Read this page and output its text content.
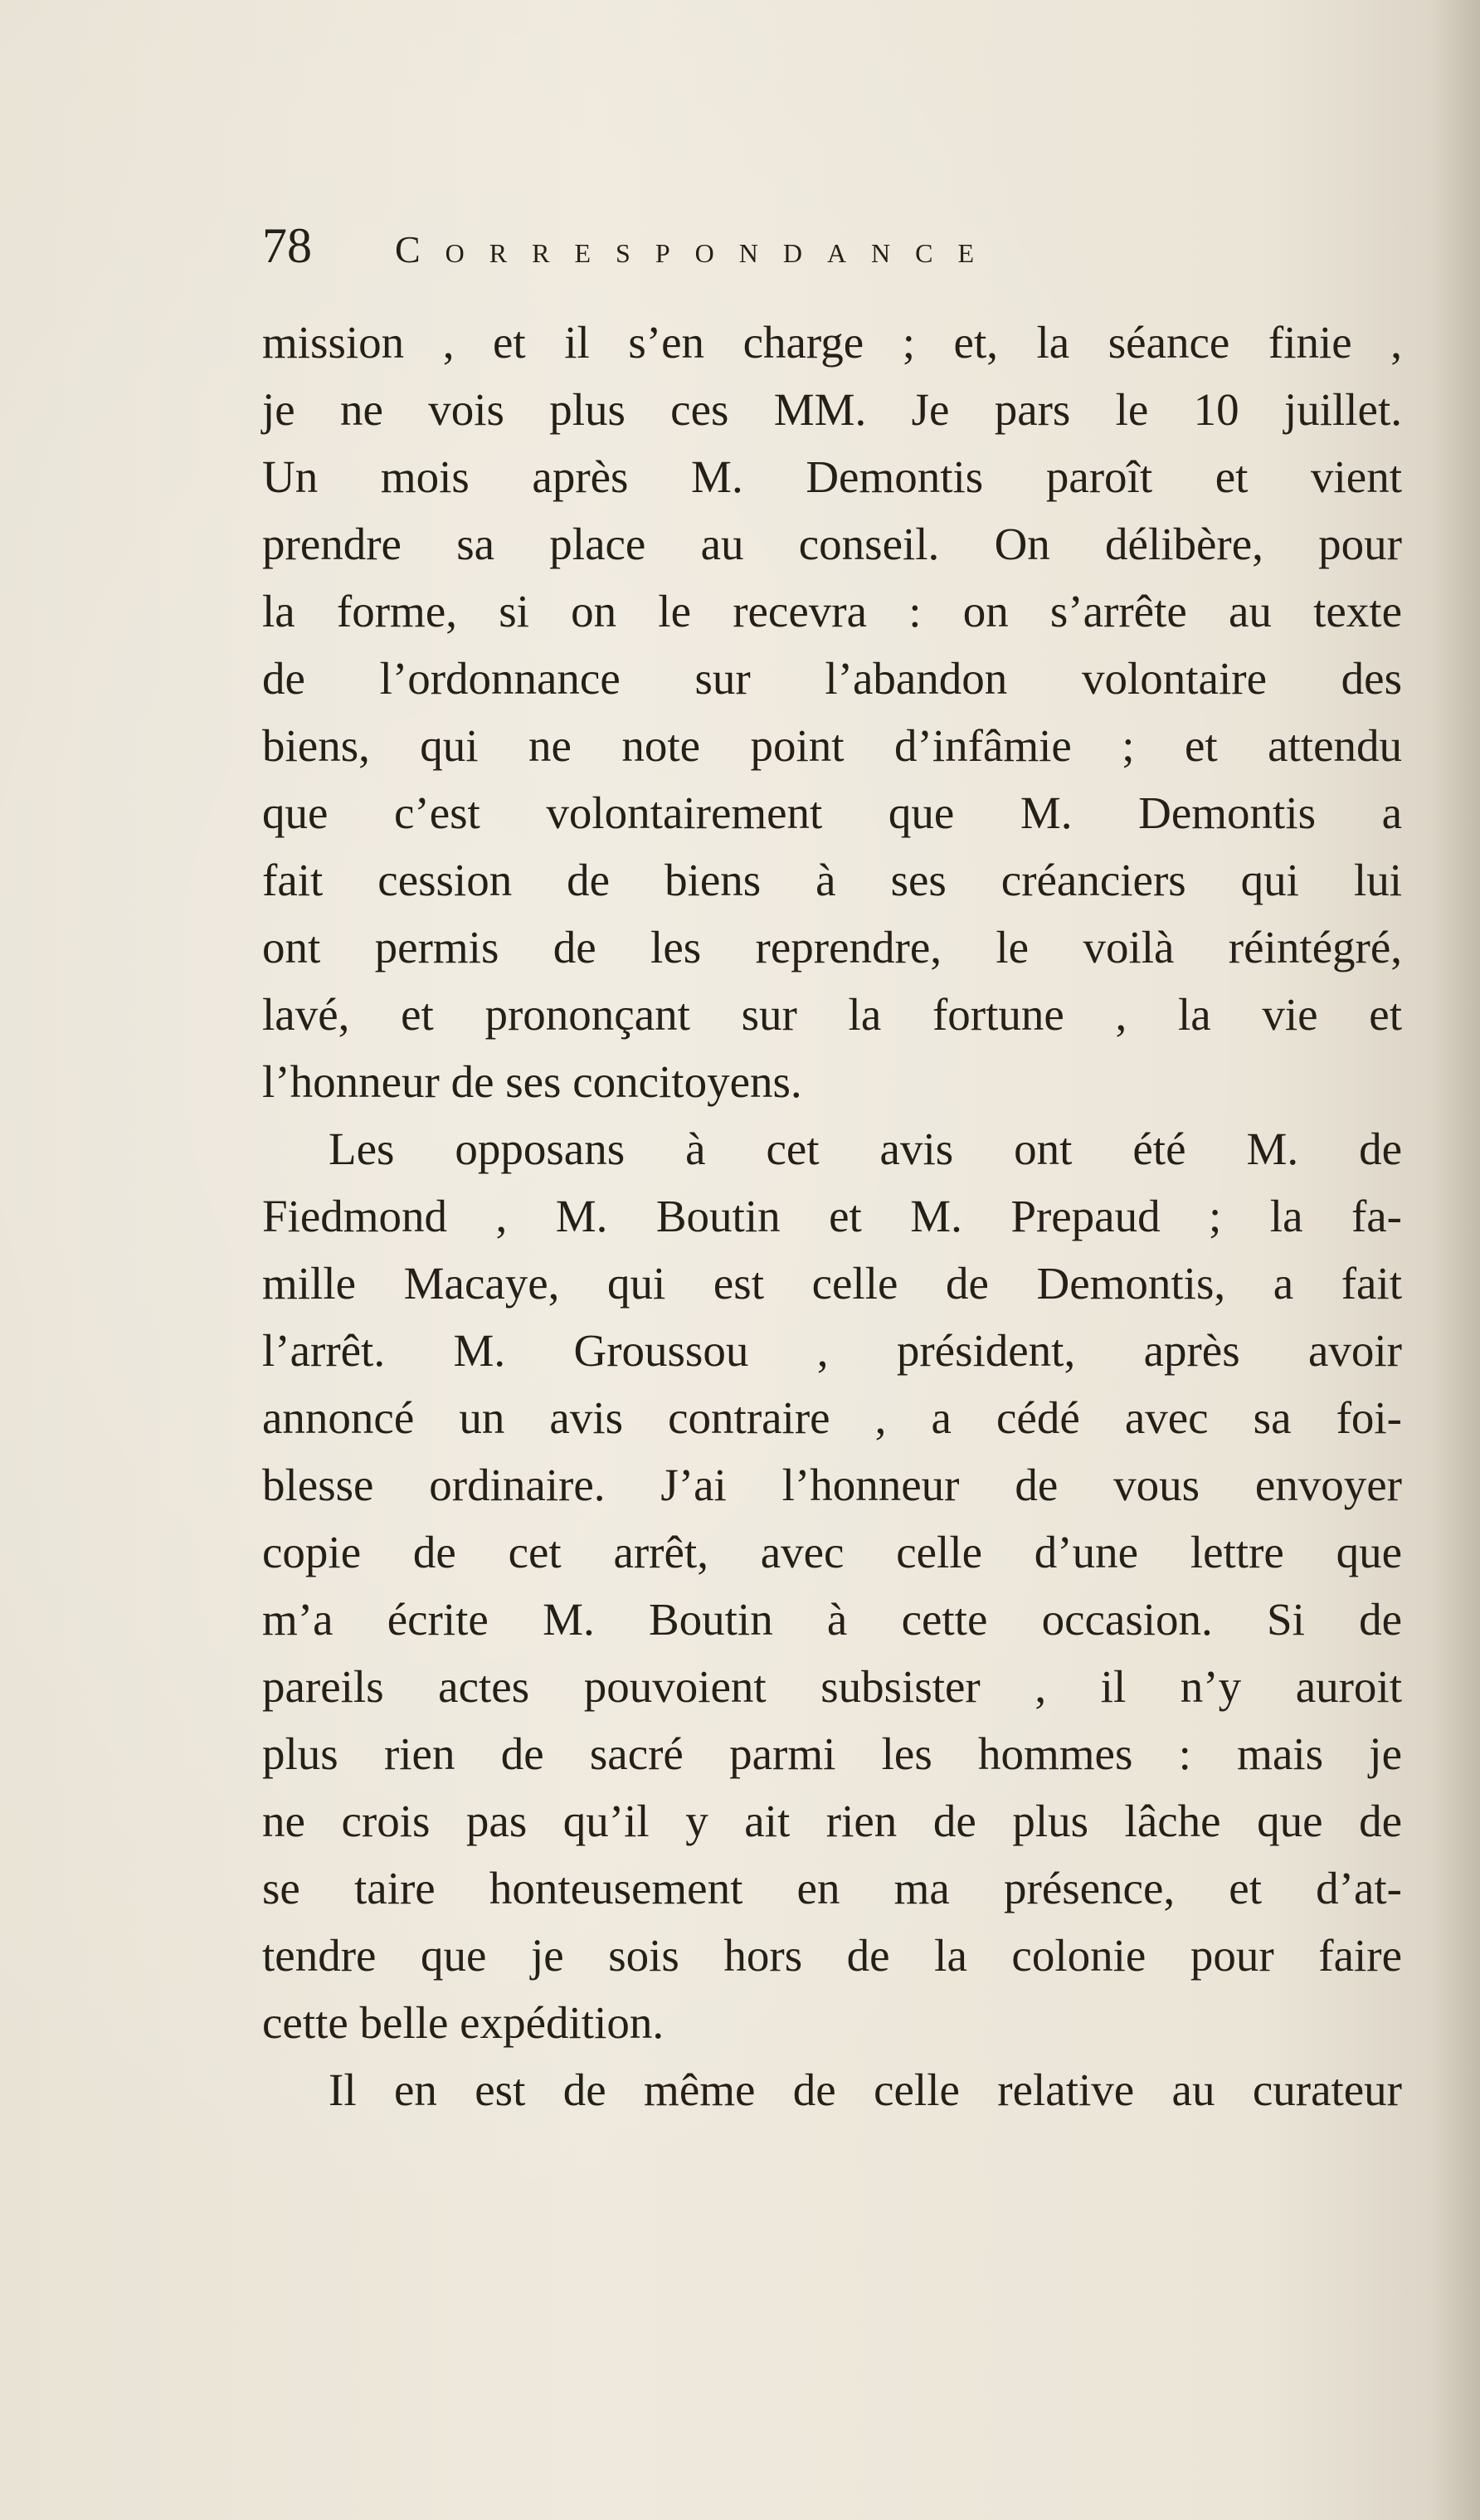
78	Correspondance
mission , et il s’en charge ; et, la séance finie ,
je ne vois plus ces MM. Je pars le 10 juillet.
Un mois après M. Demontis paroît et vient
prendre sa place au conseil. On délibère, pour
la forme, si on le recevra : on s’arrête au texte
de l’ordonnance sur l’abandon volontaire des
biens, qui ne note point d’infâmie ; et attendu
que c’est volontairement que M. Demontis a
fait cession de biens à ses créanciers qui lui
ont permis de les reprendre, le voilà réintégré,
lavé, et prononçant sur la fortune , la vie et
l’honneur de ses concitoyens.
Les opposans à cet avis ont été M. de
Fiedmond , M. Boutin et M. Prepaud ; la fa-
mille Macaye, qui est celle de Demontis, a fait
l’arrêt. M. Groussou , président, après avoir
annoncé un avis contraire , a cédé avec sa foi-
blesse ordinaire. J’ai l’honneur de vous envoyer
copie de cet arrêt, avec celle d’une lettre que
m’a écrite M. Boutin à cette occasion. Si de
pareils actes pouvoient subsister , il n’y auroit
plus rien de sacré parmi les hommes : mais je
ne crois pas qu’il y ait rien de plus lâche que de
se taire honteusement en ma présence, et d’at-
tendre que je sois hors de la colonie pour faire
cette belle expédition.
Il en est de même de celle relative au curateur
